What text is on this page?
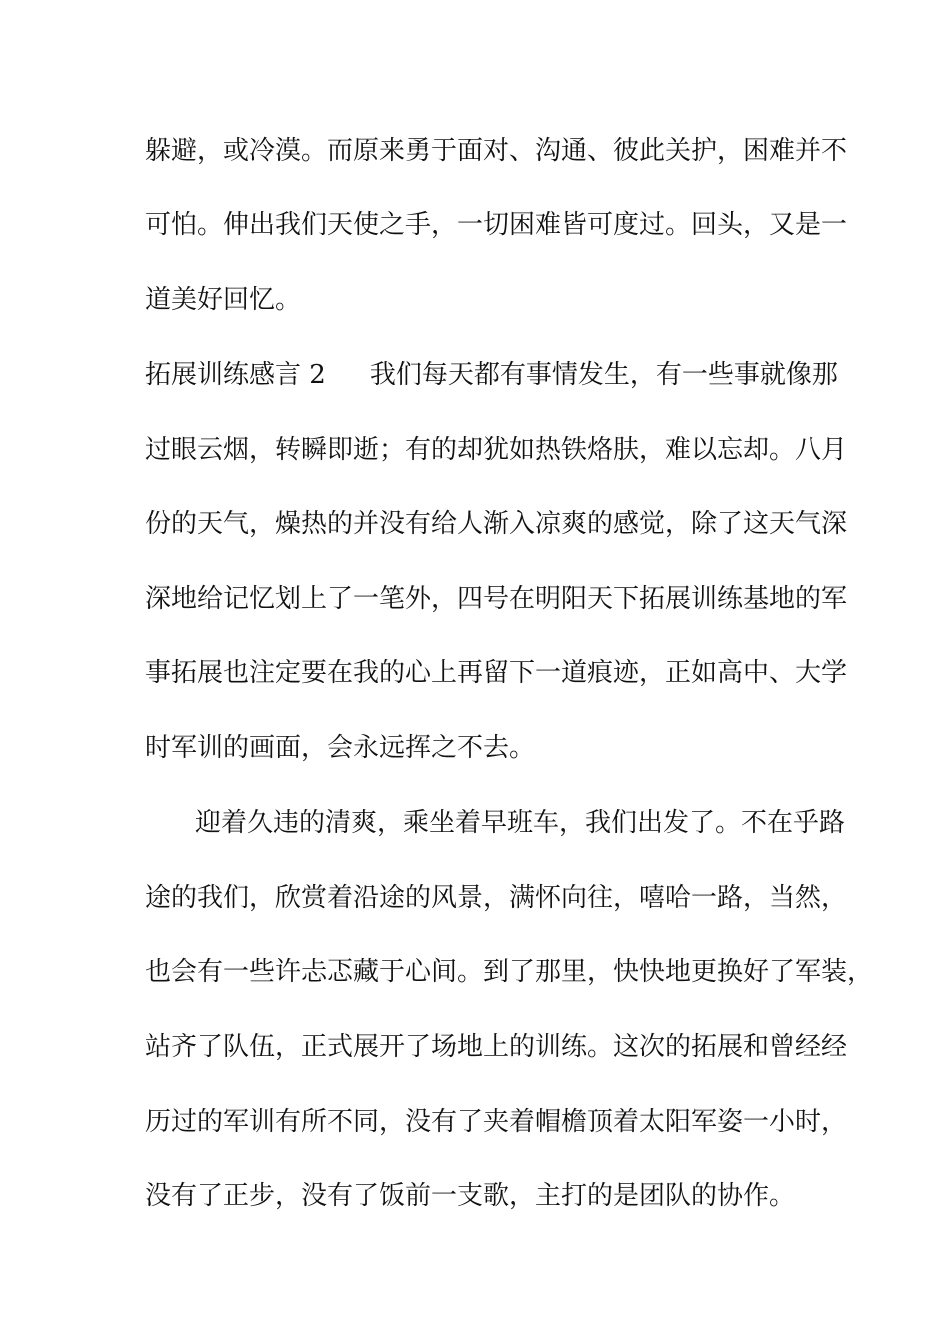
躲避，或冷漠。而原来勇于面对、沟通、彼此关护，困难并不
可怕。伸出我们天使之手，一切困难皆可度过。回头，又是一
道美好回忆。
拓展训练感言 2 我们每天都有事情发生，有一些事就像那
过眼云烟，转瞬即逝；有的却犹如热铁烙肤，难以忘却。八月
份的天气，燥热的并没有给人渐入凉爽的感觉，除了这天气深
深地给记忆划上了一笔外，四号在明阳天下拓展训练基地的军
事拓展也注定要在我的心上再留下一道痕迹，正如高中、大学
时军训的画面，会永远挥之不去。
迎着久违的清爽，乘坐着早班车，我们出发了。不在乎路
途的我们，欣赏着沿途的风景，满怀向往，嘻哈一路，当然，
也会有一些许忐忑藏于心间。到了那里，快快地更换好了军装，
站齐了队伍，正式展开了场地上的训练。这次的拓展和曾经经
历过的军训有所不同，没有了夹着帽檐顶着太阳军姿一小时，
没有了正步，没有了饭前一支歌，主打的是团队的协作。
